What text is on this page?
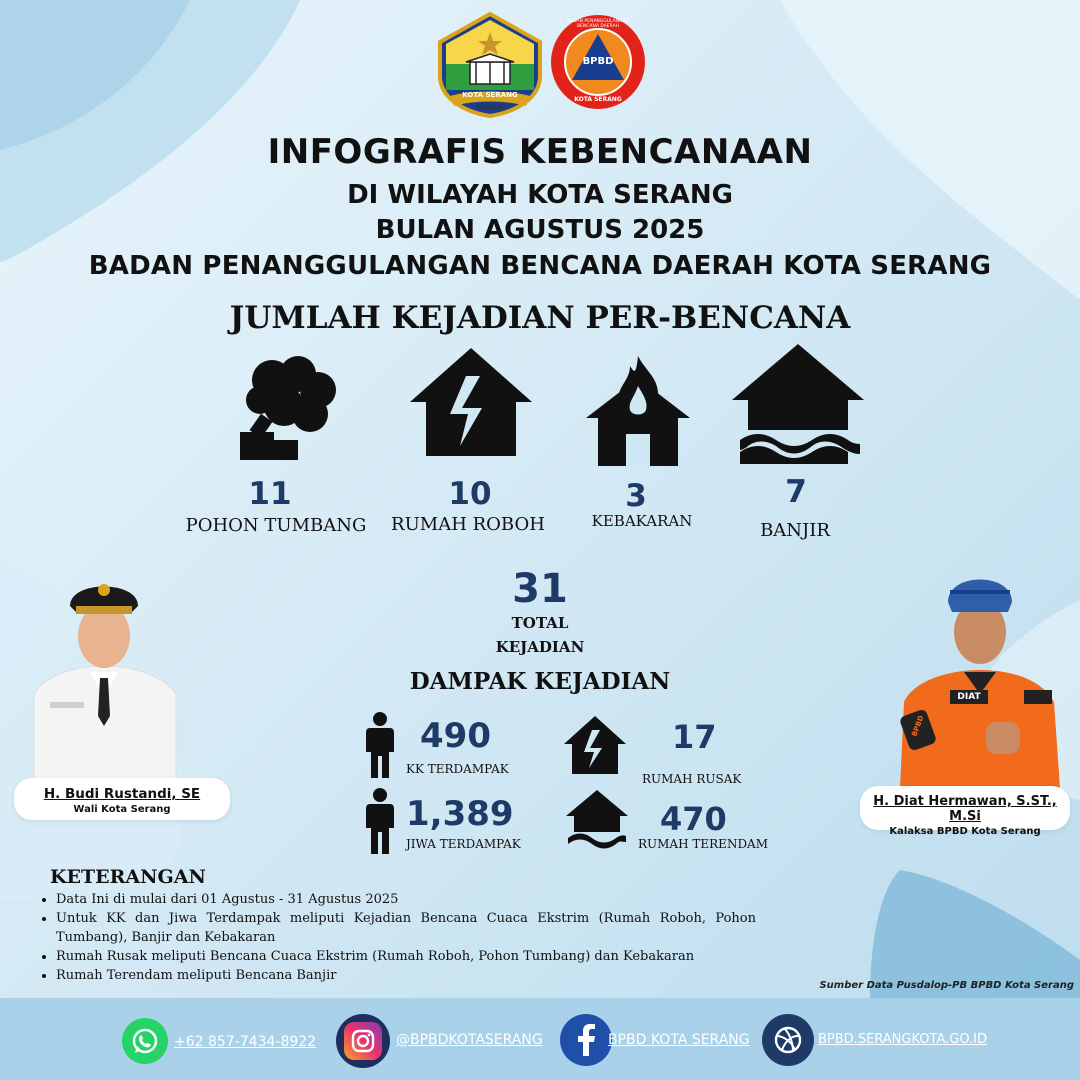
KOTA SERANG
MADANI
BPBD
KOTA SERANG
BADAN PENANGGULANGAN BENCANA DAERAH
INFOGRAFIS KEBENCANAAN
DI WILAYAH KOTA SERANG
BULAN AGUSTUS 2025
BADAN PENANGGULANGAN BENCANA DAERAH KOTA SERANG
JUMLAH KEJADIAN PER-BENCANA
11	10	3	7
POHON TUMBANG	RUMAH ROBOH	KEBAKARAN	BANJIR
31
TOTAL
KEJADIAN
DAMPAK KEJADIAN
490
KK TERDAMPAK
17
RUMAH RUSAK
1,389
JIWA TERDAMPAK
470
RUMAH TERENDAM
H. Budi Rustandi, SE
Wali Kota Serang
DIAT
BPBD
H. Diat Hermawan, S.ST., M.Si
Kalaksa BPBD Kota Serang
KETERANGAN
• Data Ini di mulai dari 01 Agustus - 31 Agustus 2025
• Untuk KK dan Jiwa Terdampak meliputi Kejadian Bencana Cuaca Ekstrim (Rumah Roboh, Pohon Tumbang), Banjir dan Kebakaran
• Rumah Rusak meliputi Bencana Cuaca Ekstrim (Rumah Roboh, Pohon Tumbang) dan Kebakaran
• Rumah Terendam meliputi Bencana Banjir
Sumber Data Pusdalop-PB BPBD Kota Serang
+62 857-7434-8922	@BPBDKOTASERANG	BPBD KOTA SERANG	BPBD.SERANGKOTA.GO.ID
